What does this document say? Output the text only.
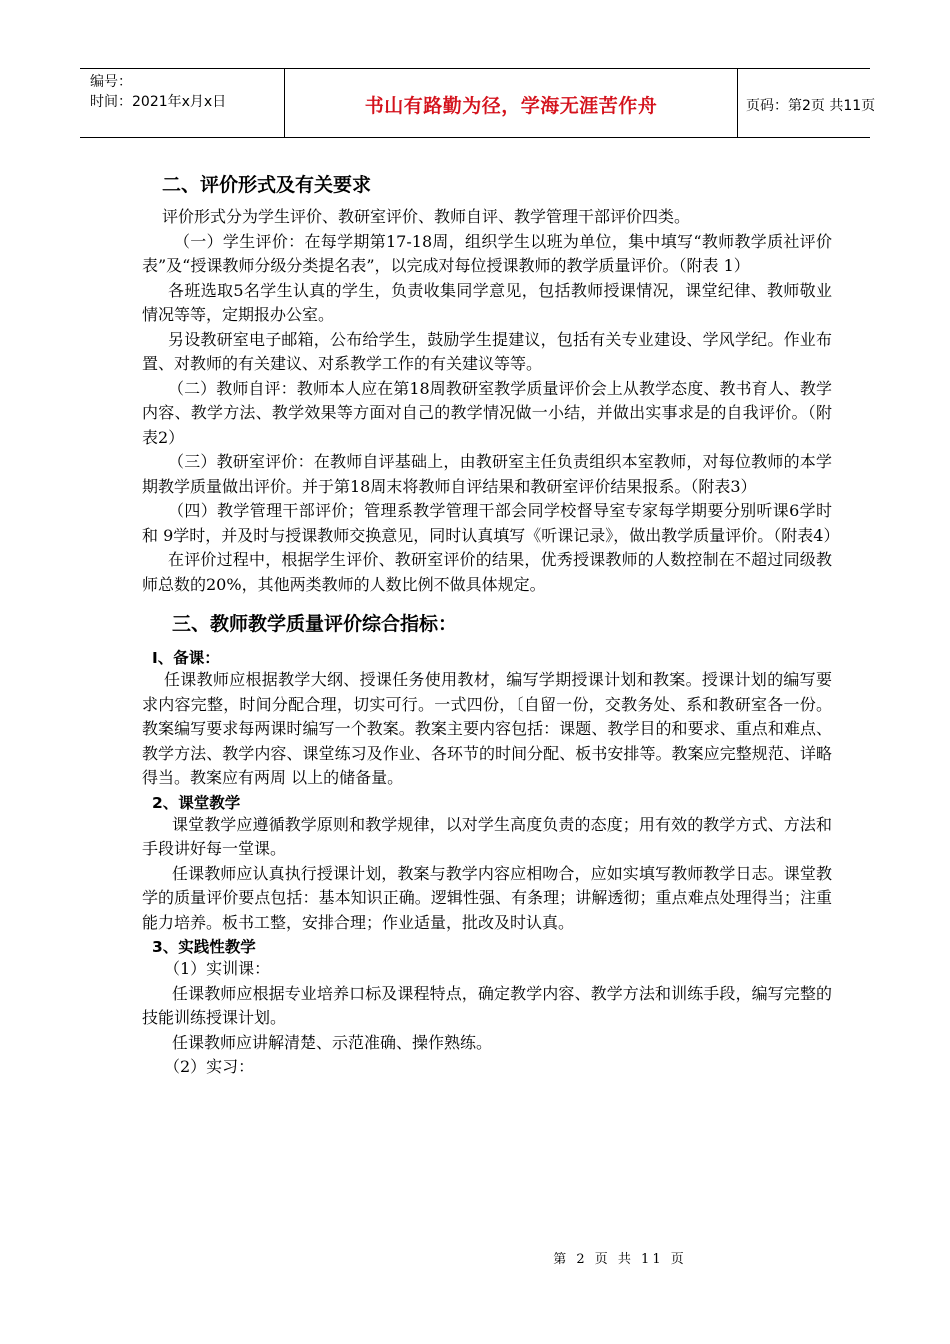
编号：
时间：2021年x月x日	书山有路勤为径，学海无涯苦作舟	页码：第2页 共11页
二、评价形式及有关要求

评价形式分为学生评价、教研室评价、教师自评、教学管理干部评价四类。

（一）学生评价：在每学期第17-18周，组织学生以班为单位，集中填写“教师教学质社评价表”及“授课教师分级分类提名表”，以完成对每位授课教师的教学质量评价。（附表 1）

各班选取5名学生认真的学生，负责收集同学意见，包括教师授课情况，课堂纪律、教师敬业情况等等，定期报办公室。

另设教研室电子邮箱，公布给学生，鼓励学生提建议，包括有关专业建设、学风学纪。作业布置、对教师的有关建议、对系教学工作的有关建议等等。

（二）教师自评：教师本人应在第18周教研室教学质量评价会上从教学态度、教书育人、教学内容、教学方法、教学效果等方面对自己的教学情况做一小结，并做出实事求是的自我评价。（附表2）

（三）教研室评价：在教师自评基础上，由教研室主任负责组织本室教师，对每位教师的本学期教学质量做出评价。并于第18周末将教师自评结果和教研室评价结果报系。（附表3）

（四）教学管理干部评价；管理系教学管理干部会同学校督导室专家每学期要分别听课6学时和 9学时，并及时与授课教师交换意见，同时认真填写《听课记录》，做出教学质量评价。（附表4）

在评价过程中，根据学生评价、教研室评价的结果，优秀授课教师的人数控制在不超过同级教师总数的20%，其他两类教师的人数比例不做具体规定。

三、教师教学质量评价综合指标：
Ⅰ、备课：

任课教师应根据教学大纲、授课任务使用教材，编写学期授课计划和教案。授课计划的编写要求内容完整，时间分配合理，切实可行。一式四份，〔自留一份，交教务处、系和教研室各一份。教案编写要求每两课时编写一个教案。教案主要内容包括：课题、教学目的和要求、重点和难点、教学方法、教学内容、课堂练习及作业、各环节的时间分配、板书安排等。教案应完整规范、详略得当。教案应有两周 以上的储备量。

2、课堂教学

课堂教学应遵循教学原则和教学规律，以对学生高度负责的态度；用有效的教学方式、方法和手段讲好每一堂课。

任课教师应认真执行授课计划，教案与教学内容应相吻合，应如实填写教师教学日志。课堂教学的质量评价要点包括：基本知识正确。逻辑性强、有条理；讲解透彻；重点难点处理得当；注重能力培养。板书工整，安排合理；作业适量，批改及时认真。

3、实践性教学

（1）实训课：

任课教师应根据专业培养口标及课程特点，确定教学内容、教学方法和训练手段，编写完整的技能训练授课计划。

任课教师应讲解清楚、示范准确、操作熟练。

（2）实习：

第 2 页 共 11 页
